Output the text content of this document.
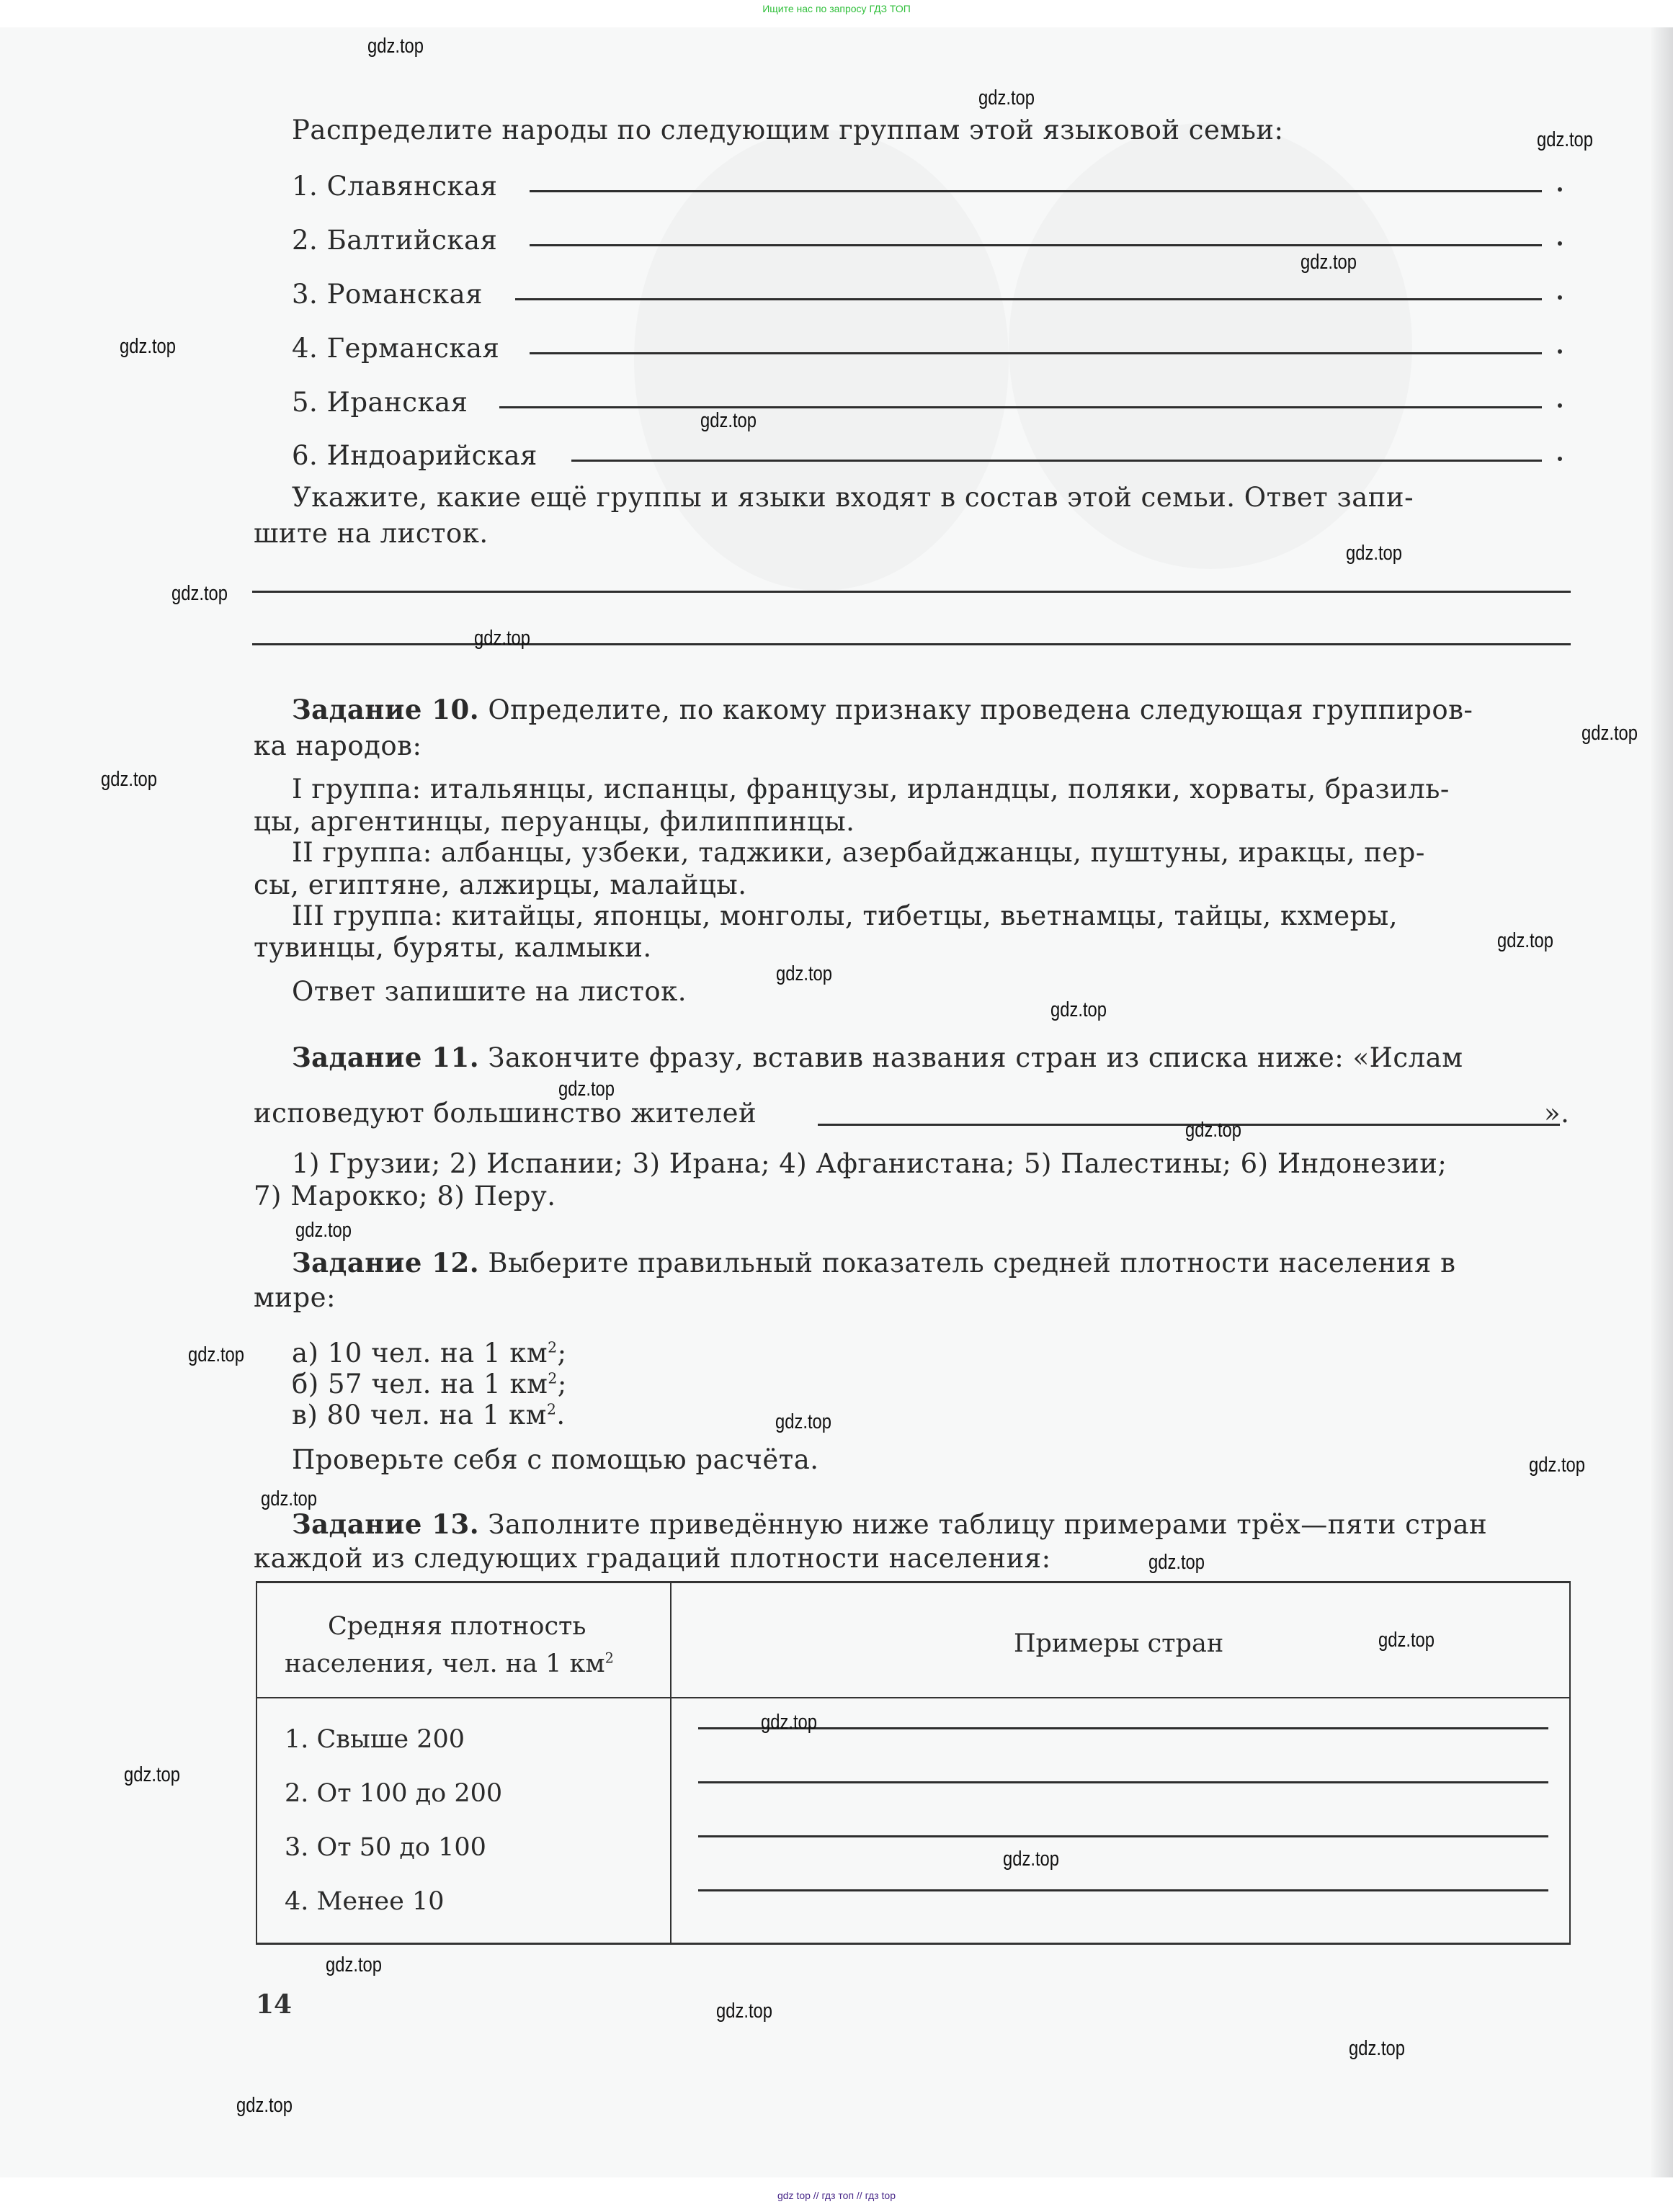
Ищите нас по запросу ГДЗ ТОП
Распределите народы по следующим группам этой языковой семьи:
1. Славянская
2. Балтийская
3. Романская
4. Германская
5. Иранская
6. Индоарийская
Укажите, какие ещё группы и языки входят в состав этой семьи. Ответ запи-
шите на листок.
Задание 10. Определите, по какому признаку проведена следующая группиров-
ка народов:
I группа: итальянцы, испанцы, французы, ирландцы, поляки, хорваты, бразиль-
цы, аргентинцы, перуанцы, филиппинцы.
II группа: албанцы, узбеки, таджики, азербайджанцы, пуштуны, иракцы, пер-
сы, египтяне, алжирцы, малайцы.
III группа: китайцы, японцы, монголы, тибетцы, вьетнамцы, тайцы, кхмеры,
тувинцы, буряты, калмыки.
Ответ запишите на листок.
Задание 11. Закончите фразу, вставив названия стран из списка ниже: «Ислам
исповедуют большинство жителей	».
1) Грузии; 2) Испании; 3) Ирана; 4) Афганистана; 5) Палестины; 6) Индонезии;
7) Марокко; 8) Перу.
Задание 12. Выберите правильный показатель средней плотности населения в
мире:
а) 10 чел. на 1 $км^2$;
б) 57 чел. на 1 $км^2$;
в) 80 чел. на 1 $км^2$.
Проверьте себя с помощью расчёта.
Задание 13. Заполните приведённую ниже таблицу примерами трёх—пяти стран
каждой из следующих градаций плотности населения:
Средняя плотность
населения, чел. на 1 $км^2$	Примеры стран
1. Свыше 200
2. От 100 до 200
3. От 50 до 100
4. Менее 10
14
gdz.top
gdz.top
gdz.top
gdz.top
gdz.top
gdz.top
gdz.top
gdz.top
gdz.top
gdz.top
gdz.top
gdz.top
gdz.top
gdz.top
gdz.top
gdz.top
gdz.top
gdz.top
gdz.top
gdz.top
gdz.top
gdz.top
gdz.top
gdz.top
gdz.top
gdz.top
gdz.top
gdz.top
gdz.top
gdz.top
gdz top // гдз топ // гдз top
